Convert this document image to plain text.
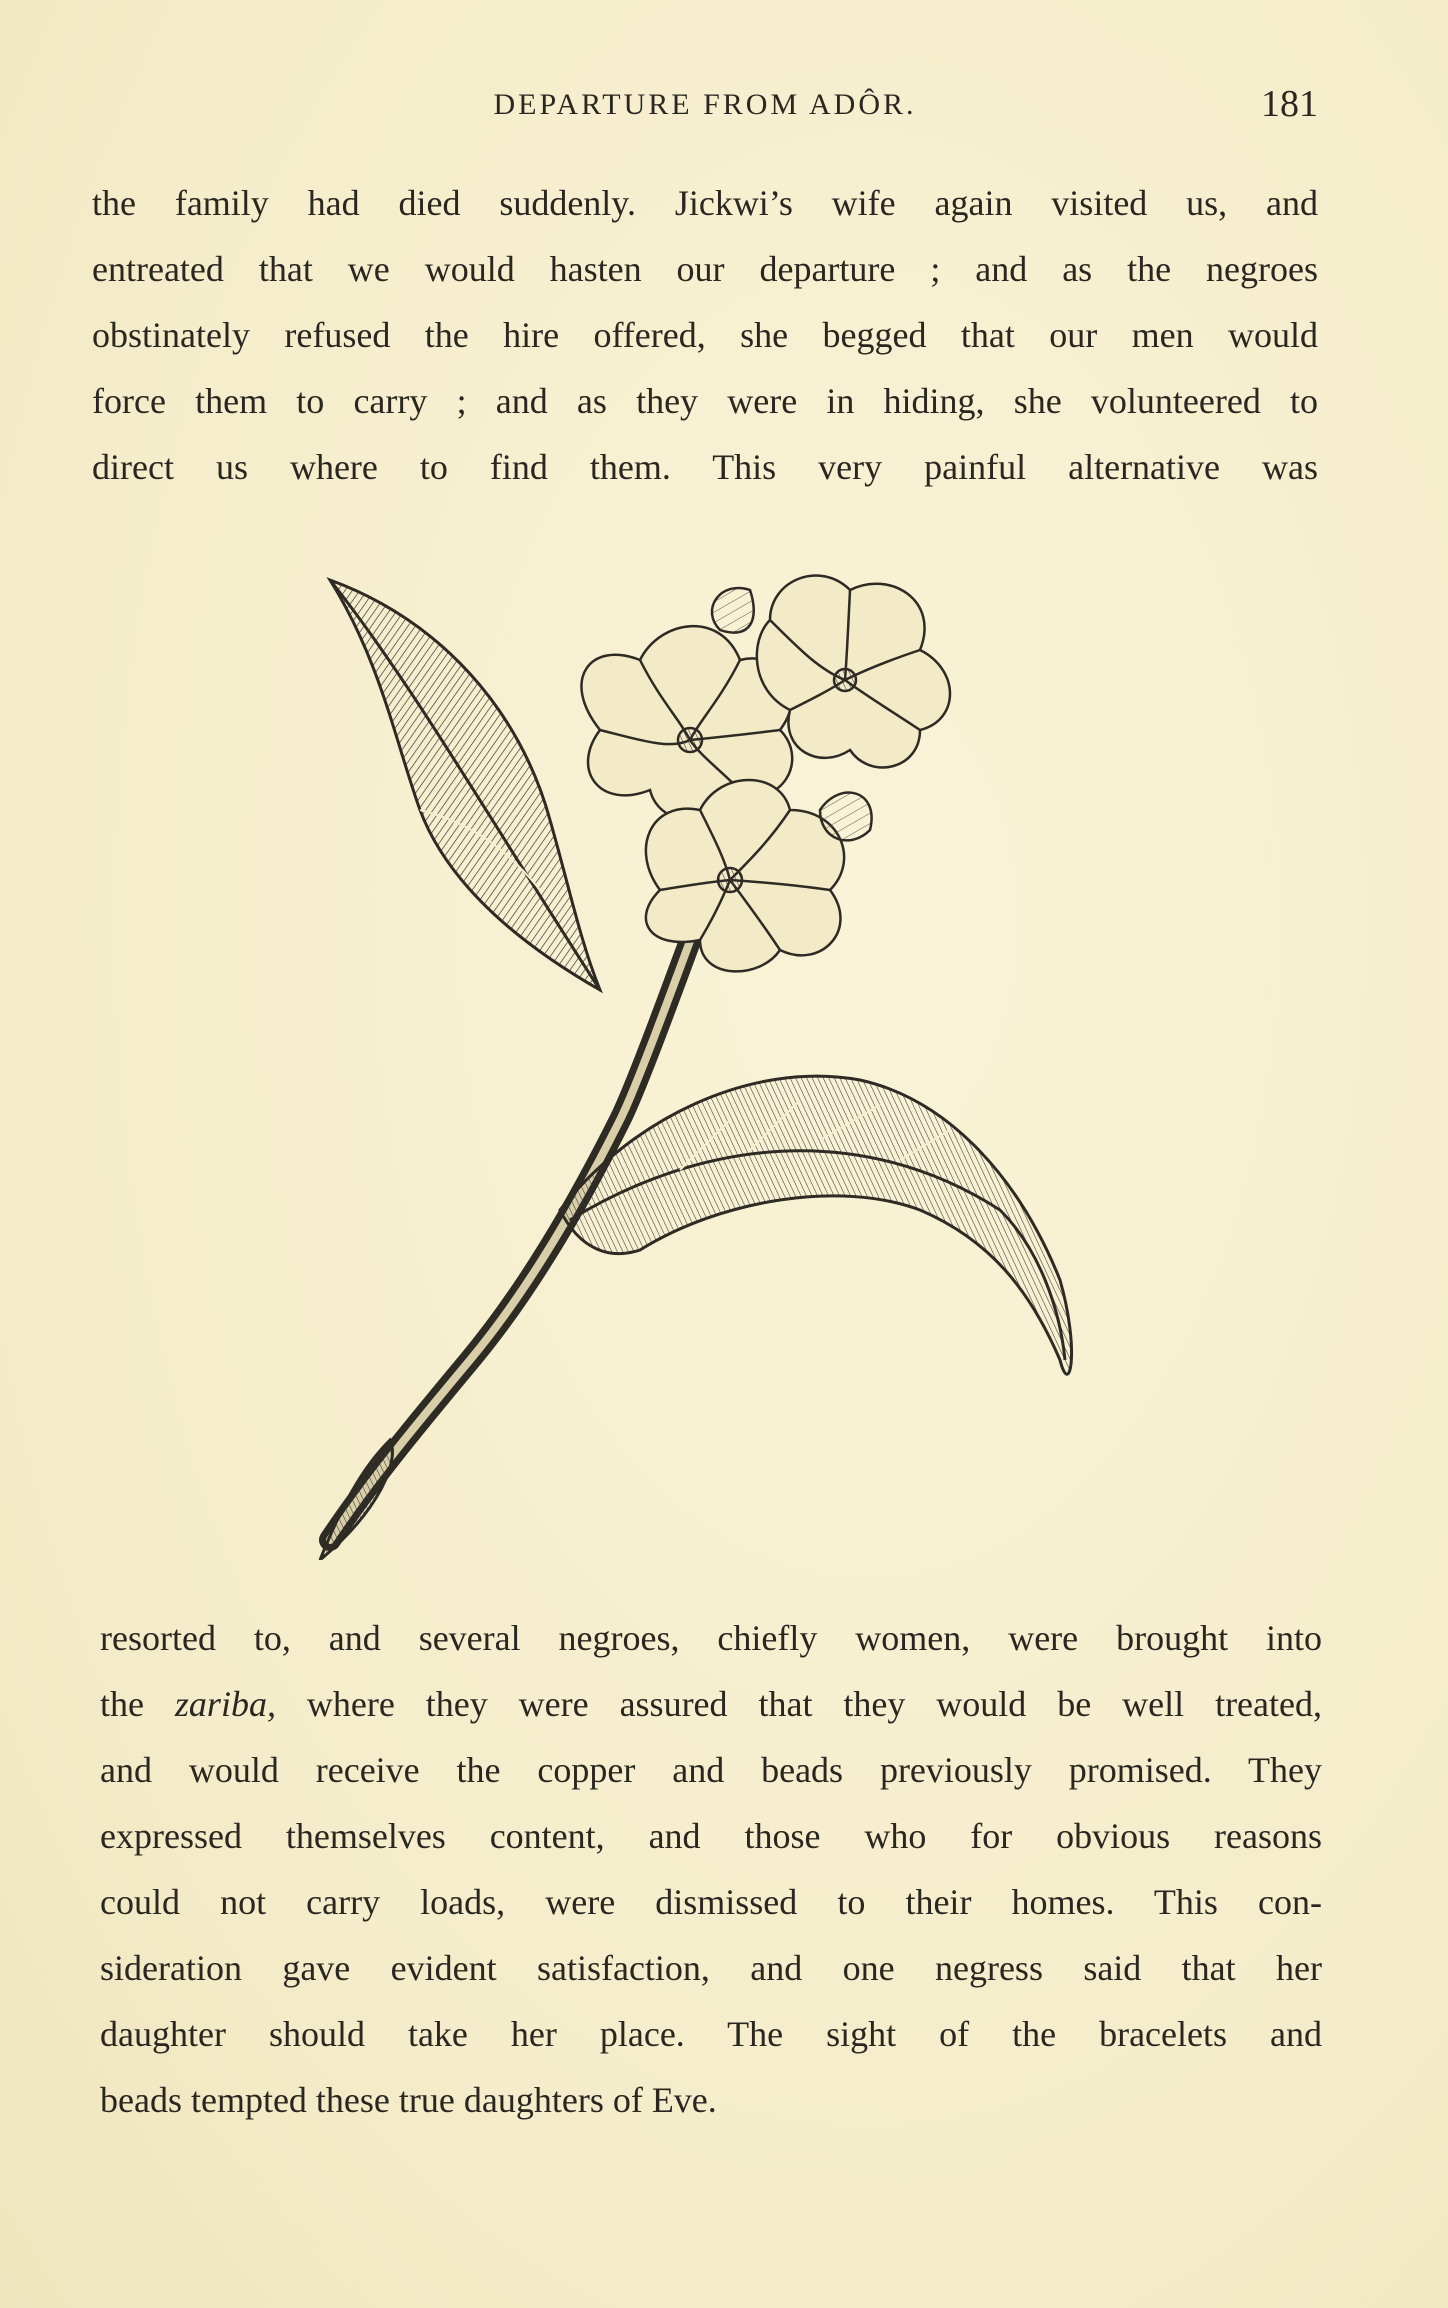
DEPARTURE FROM ADÔR.	181
the family had died suddenly. Jickwi’s wife again visited us, and
entreated that we would hasten our departure ; and as the negroes
obstinately refused the hire offered, she begged that our men would
force them to carry ; and as they were in hiding, she volunteered to
direct us where to find them. This very painful alternative was
resorted to, and several negroes, chiefly women, were brought into
the zariba, where they were assured that they would be well treated,
and would receive the copper and beads previously promised. They
expressed themselves content, and those who for obvious reasons
could not carry loads, were dismissed to their homes. This con-
sideration gave evident satisfaction, and one negress said that her
daughter should take her place. The sight of the bracelets and
beads tempted these true daughters of Eve.
